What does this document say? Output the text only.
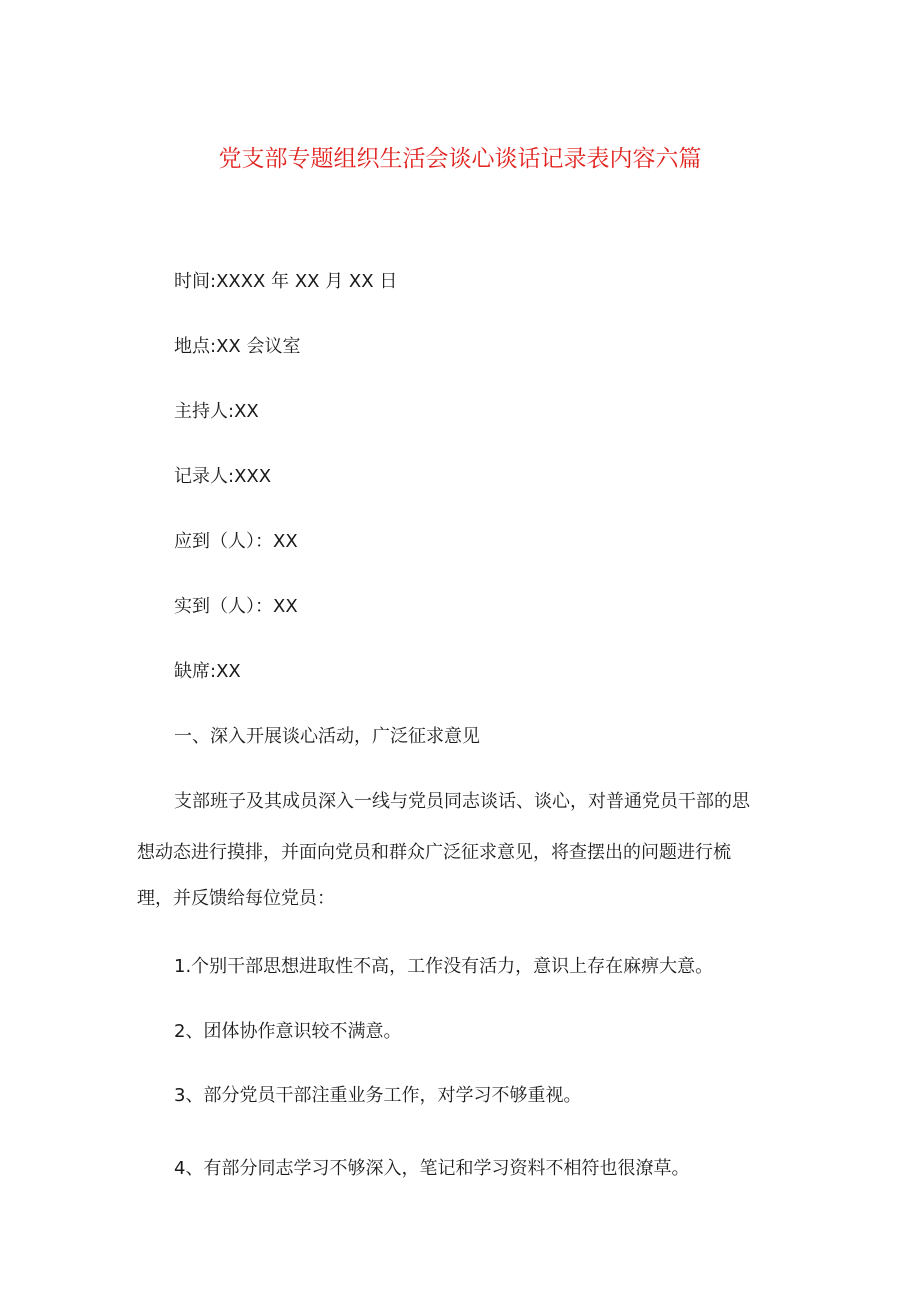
党支部专题组织生活会谈心谈话记录表内容六篇
时间:XXXX 年 XX 月 XX 日
地点:XX 会议室
主持人:XX
记录人:XXX
应到（人）：XX
实到（人）：XX
缺席:XX
一、深入开展谈心活动，广泛征求意见
支部班子及其成员深入一线与党员同志谈话、谈心，对普通党员干部的思
想动态进行摸排，并面向党员和群众广泛征求意见，将查摆出的问题进行梳
理，并反馈给每位党员：
1.个别干部思想进取性不高，工作没有活力，意识上存在麻痹大意。
2、团体协作意识较不满意。
3、部分党员干部注重业务工作，对学习不够重视。
4、有部分同志学习不够深入，笔记和学习资料不相符也很潦草。
